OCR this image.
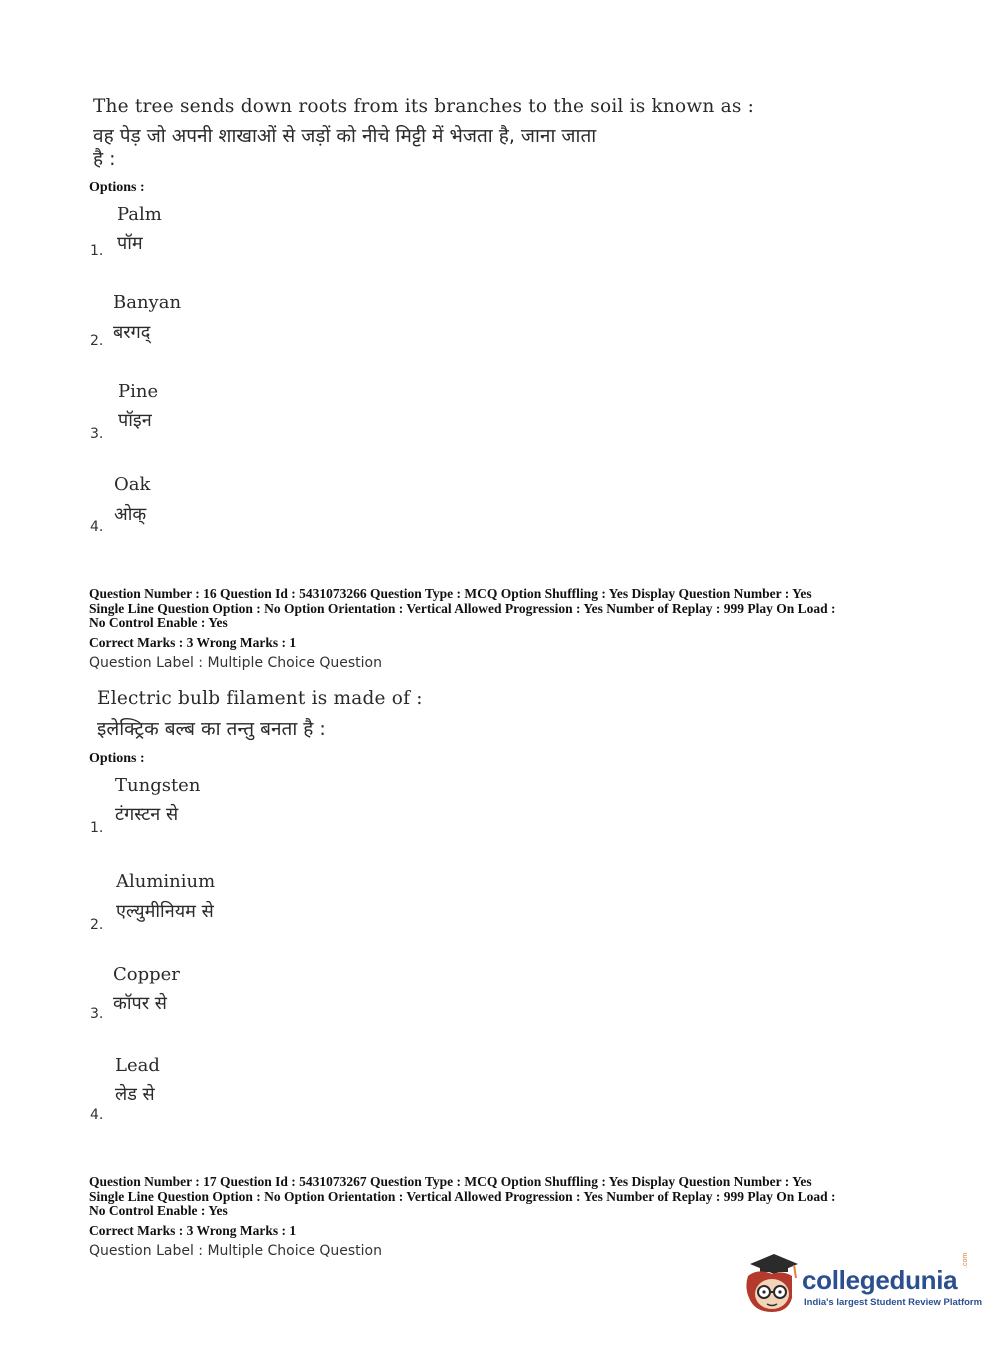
The tree sends down roots from its branches to the soil is known as :
वह पेड़ जो अपनी शाखाओं से जड़ों को नीचे मिट्टी में भेजता है, जाना जाता
है :
Options :
Palm
पॉम
1.
Banyan
बरगद्
2.
Pine
पॉइन
3.
Oak
ओक्
4.
Question Number : 16 Question Id : 5431073266 Question Type : MCQ Option Shuffling : Yes Display Question Number : Yes
Single Line Question Option : No Option Orientation : Vertical Allowed Progression : Yes Number of Replay : 999 Play On Load :
No Control Enable : Yes
Correct Marks : 3 Wrong Marks : 1
Question Label : Multiple Choice Question
Electric bulb filament is made of :
इलेक्ट्रिक बल्ब का तन्तु बनता है :
Options :
Tungsten
टंगस्टन से
1.
Aluminium
एल्युमीनियम से
2.
Copper
कॉपर से
3.
Lead
लेड से
4.
Question Number : 17 Question Id : 5431073267 Question Type : MCQ Option Shuffling : Yes Display Question Number : Yes
Single Line Question Option : No Option Orientation : Vertical Allowed Progression : Yes Number of Replay : 999 Play On Load :
No Control Enable : Yes
Correct Marks : 3 Wrong Marks : 1
Question Label : Multiple Choice Question
collegedunia
.com
India's largest Student Review Platform
